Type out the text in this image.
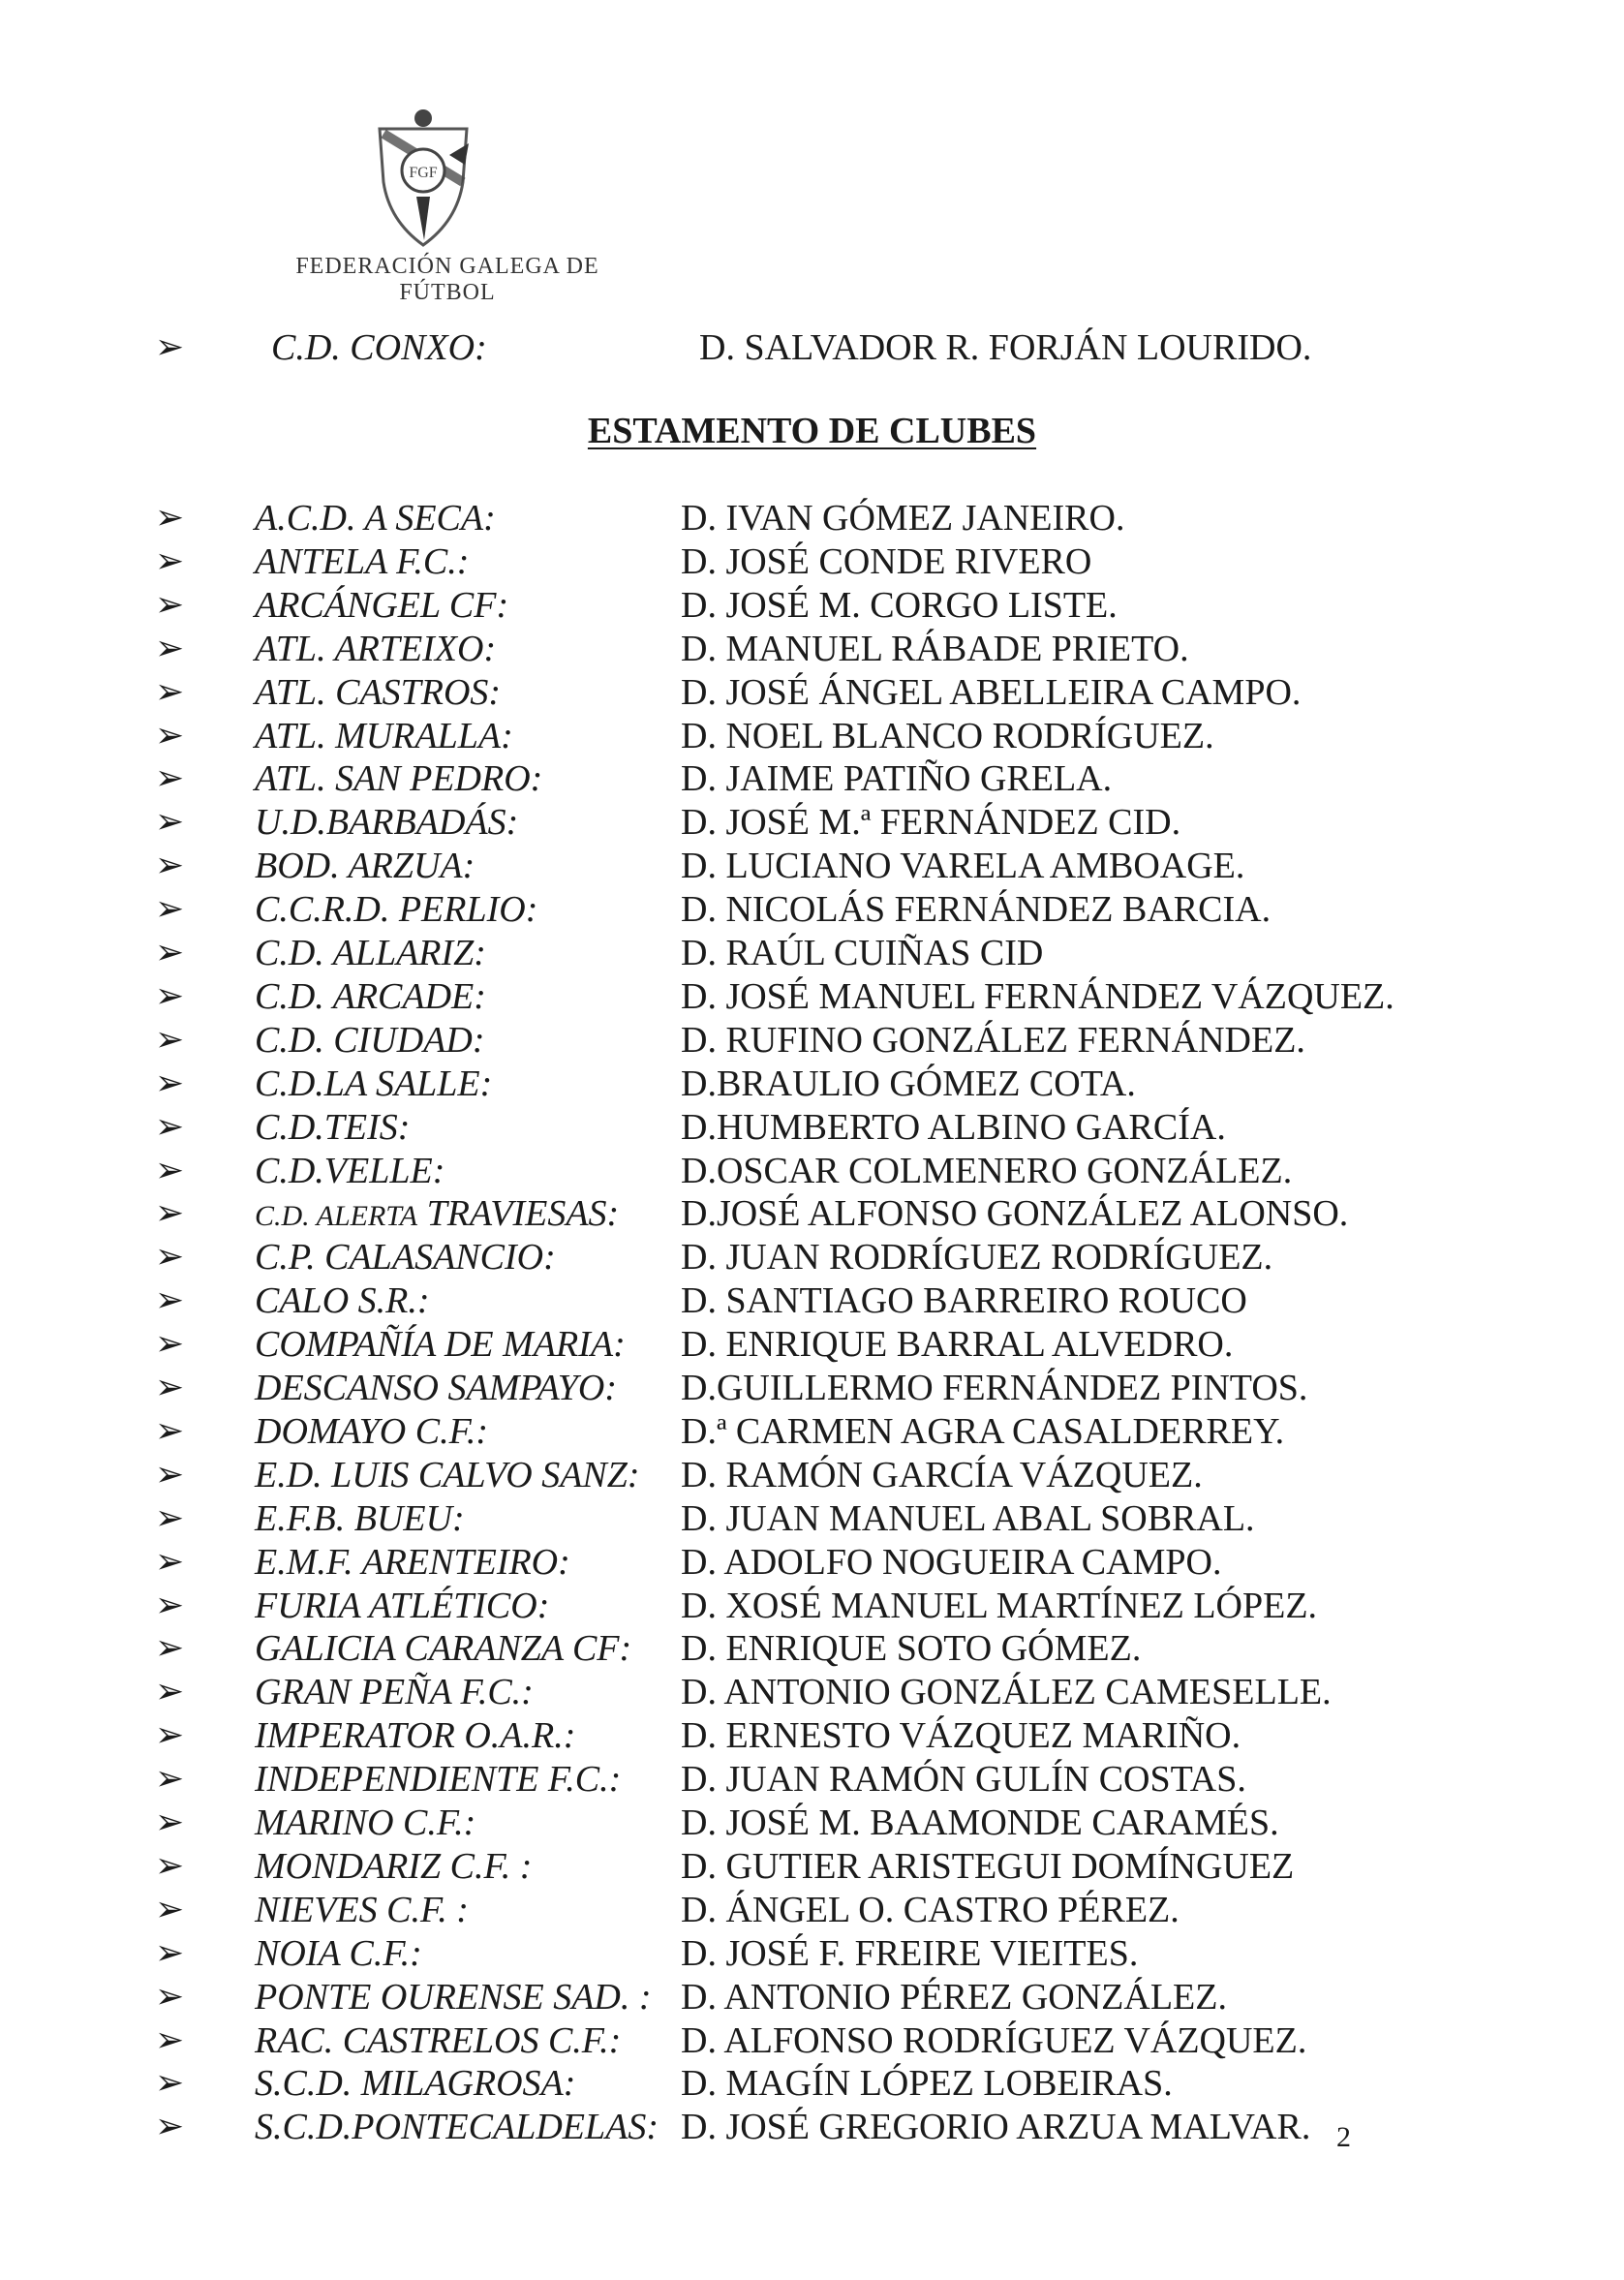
FGF
FEDERACIÓN GALEGA DE FÚTBOL
➢ C.D. CONXO:	D. SALVADOR R. FORJÁN LOURIDO.
ESTAMENTO DE CLUBES
➢ A.C.D. A SECA:	D. IVAN GÓMEZ JANEIRO.
➢ ANTELA F.C.:	D. JOSÉ CONDE RIVERO
➢ ARCÁNGEL CF:	D. JOSÉ M. CORGO LISTE.
➢ ATL. ARTEIXO:	D. MANUEL RÁBADE PRIETO.
➢ ATL. CASTROS:	D. JOSÉ ÁNGEL ABELLEIRA CAMPO.
➢ ATL. MURALLA:	D. NOEL BLANCO RODRÍGUEZ.
➢ ATL. SAN PEDRO:	D. JAIME PATIÑO GRELA.
➢ U.D.BARBADÁS:	D. JOSÉ M.ª FERNÁNDEZ CID.
➢ BOD. ARZUA:	D. LUCIANO VARELA AMBOAGE.
➢ C.C.R.D. PERLIO:	D. NICOLÁS FERNÁNDEZ BARCIA.
➢ C.D. ALLARIZ:	D. RAÚL CUIÑAS CID
➢ C.D. ARCADE:	D. JOSÉ MANUEL FERNÁNDEZ VÁZQUEZ.
➢ C.D. CIUDAD:	D. RUFINO GONZÁLEZ FERNÁNDEZ.
➢ C.D.LA SALLE:	D.BRAULIO GÓMEZ COTA.
➢ C.D.TEIS:	D.HUMBERTO ALBINO GARCÍA.
➢ C.D.VELLE:	D.OSCAR COLMENERO GONZÁLEZ.
➢ C.D. ALERTA TRAVIESAS: D.JOSÉ ALFONSO GONZÁLEZ ALONSO.
➢ C.P. CALASANCIO:	D. JUAN RODRÍGUEZ RODRÍGUEZ.
➢ CALO S.R.:	D. SANTIAGO BARREIRO ROUCO
➢ COMPAÑÍA DE MARIA: D. ENRIQUE BARRAL ALVEDRO.
➢ DESCANSO SAMPAYO: D.GUILLERMO FERNÁNDEZ PINTOS.
➢ DOMAYO C.F.:	D.ª CARMEN AGRA CASALDERREY.
➢ E.D. LUIS CALVO SANZ: D. RAMÓN GARCÍA VÁZQUEZ.
➢ E.F.B. BUEU:	D. JUAN MANUEL ABAL SOBRAL.
➢ E.M.F. ARENTEIRO:	D. ADOLFO NOGUEIRA CAMPO.
➢ FURIA ATLÉTICO:	D. XOSÉ MANUEL MARTÍNEZ LÓPEZ.
➢ GALICIA CARANZA CF: D. ENRIQUE SOTO GÓMEZ.
➢ GRAN PEÑA F.C.:	D. ANTONIO GONZÁLEZ CAMESELLE.
➢ IMPERATOR O.A.R.:	D. ERNESTO VÁZQUEZ MARIÑO.
➢ INDEPENDIENTE F.C.: D. JUAN RAMÓN GULÍN COSTAS.
➢ MARINO C.F.:	D. JOSÉ M. BAAMONDE CARAMÉS.
➢ MONDARIZ C.F. :	D. GUTIER ARISTEGUI DOMÍNGUEZ
➢ NIEVES C.F. :	D. ÁNGEL O. CASTRO PÉREZ.
➢ NOIA C.F.:	D. JOSÉ F. FREIRE VIEITES.
➢ PONTE OURENSE SAD. : D. ANTONIO PÉREZ GONZÁLEZ.
➢ RAC. CASTRELOS C.F.: D. ALFONSO RODRÍGUEZ VÁZQUEZ.
➢ S.C.D. MILAGROSA:	D. MAGÍN LÓPEZ LOBEIRAS.
➢ S.C.D.PONTECALDELAS: D. JOSÉ GREGORIO ARZUA MALVAR. 2
